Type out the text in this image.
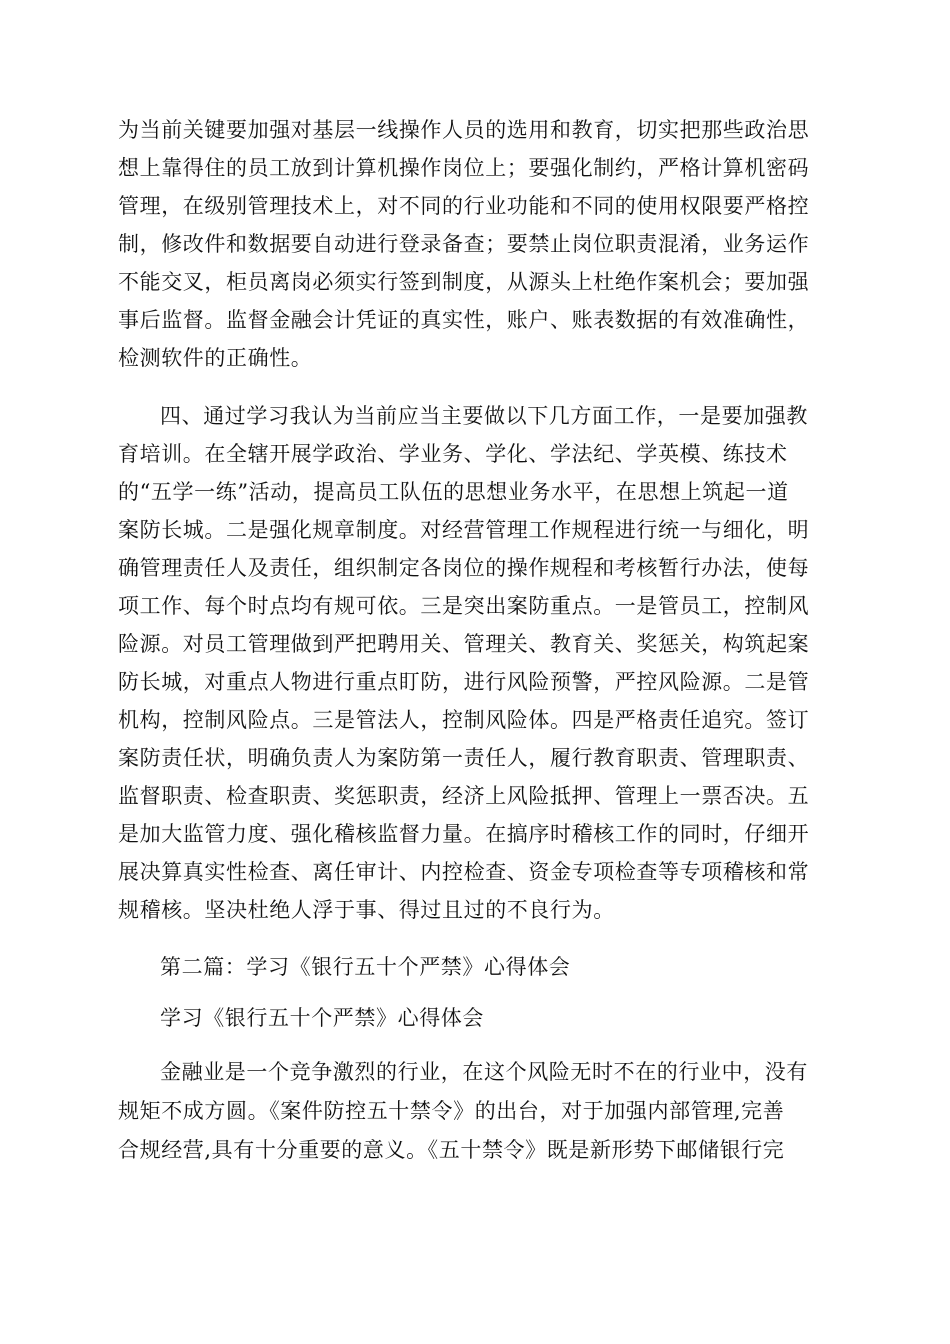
为当前关键要加强对基层一线操作人员的选用和教育，切实把那些政治思
想上靠得住的员工放到计算机操作岗位上；要强化制约，严格计算机密码
管理，在级别管理技术上，对不同的行业功能和不同的使用权限要严格控
制，修改件和数据要自动进行登录备查；要禁止岗位职责混淆，业务运作
不能交叉，柜员离岗必须实行签到制度，从源头上杜绝作案机会；要加强
事后监督。监督金融会计凭证的真实性，账户、账表数据的有效准确性，
检测软件的正确性。
四、通过学习我认为当前应当主要做以下几方面工作，一是要加强教
育培训。在全辖开展学政治、学业务、学化、学法纪、学英模、练技术
的“五学一练”活动，提高员工队伍的思想业务水平，在思想上筑起一道
案防长城。二是强化规章制度。对经营管理工作规程进行统一与细化，明
确管理责任人及责任，组织制定各岗位的操作规程和考核暂行办法，使每
项工作、每个时点均有规可依。三是突出案防重点。一是管员工，控制风
险源。对员工管理做到严把聘用关、管理关、教育关、奖惩关，构筑起案
防长城，对重点人物进行重点盯防，进行风险预警，严控风险源。二是管
机构，控制风险点。三是管法人，控制风险体。四是严格责任追究。签订
案防责任状，明确负责人为案防第一责任人，履行教育职责、管理职责、
监督职责、检查职责、奖惩职责，经济上风险抵押、管理上一票否决。五
是加大监管力度、强化稽核监督力量。在搞序时稽核工作的同时，仔细开
展决算真实性检查、离任审计、内控检查、资金专项检查等专项稽核和常
规稽核。坚决杜绝人浮于事、得过且过的不良行为。
第二篇：学习《银行五十个严禁》心得体会
学习《银行五十个严禁》心得体会
金融业是一个竞争激烈的行业，在这个风险无时不在的行业中，没有
规矩不成方圆。《案件防控五十禁令》的出台，对于加强内部管理,完善
合规经营,具有十分重要的意义。《五十禁令》既是新形势下邮储银行完
